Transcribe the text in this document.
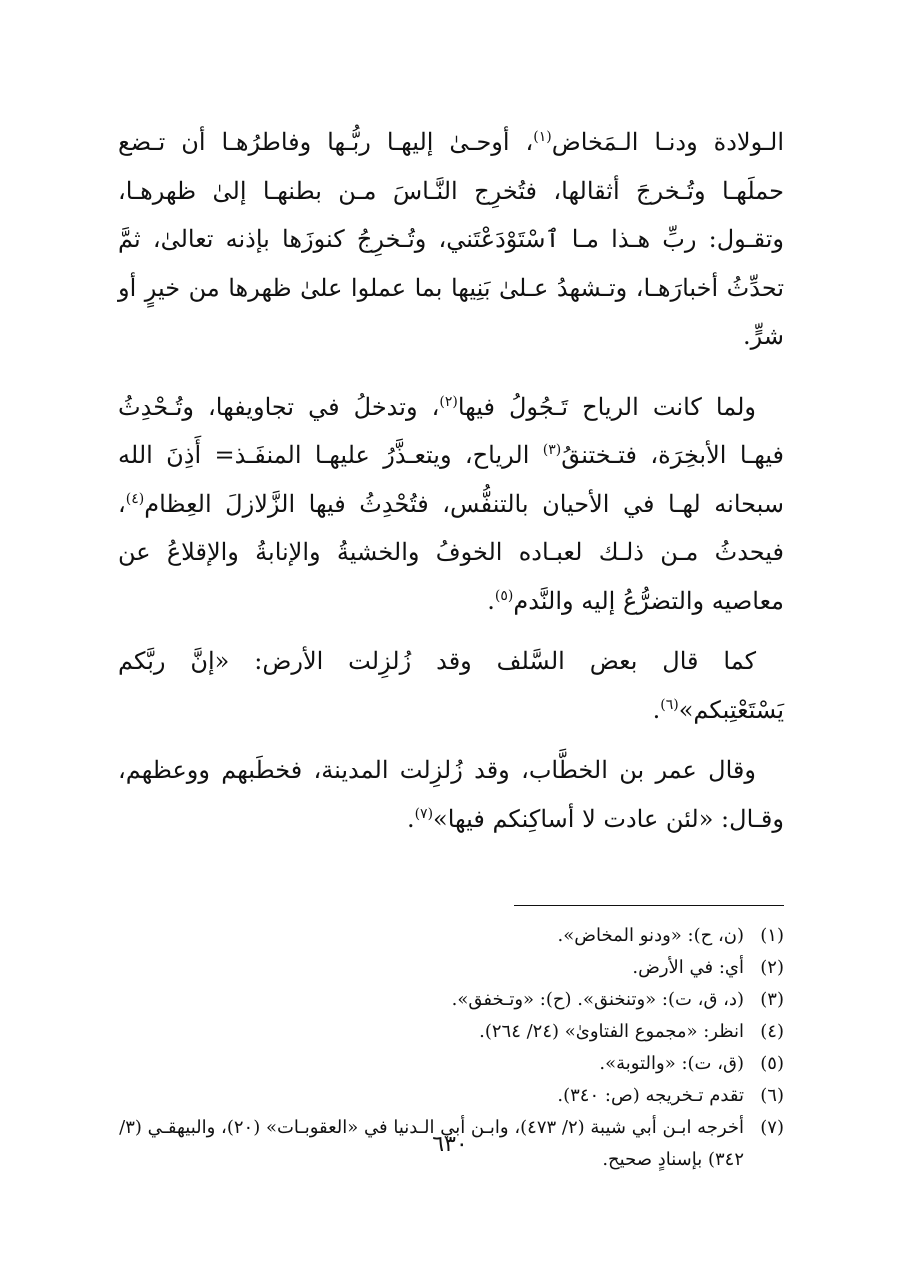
الـولادة ودنـا الـمَخاض$^{(١)}$، أوحـىٰ إليهـا ربُّـها وفاطرُهـا أن تـضع حملَهـا وتُـخرجَ أثقالها، فتُخرِج النَّـاسَ مـن بطنهـا إلىٰ ظهرهـا، وتقـول: ربِّ هـذا مـا ٱسْتَوْدَعْتَني، وتُـخرِجُ كنوزَها بإذنه تعالىٰ، ثمَّ تحدِّثُ أخبارَهـا، وتـشهدُ عـلىٰ بَنِيها بما عملوا علىٰ ظهرها من خيرٍ أو شرٍّ.

ولما كانت الرياح تَـجُولُ فيها$^{(٢)}$، وتدخلُ في تجاويفها، وتُـحْدِثُ فيهـا الأبخِرَة، فتـختنقُ$^{(٣)}$ الرياح، ويتعـذَّرُ عليهـا المنفَـذ= أَذِنَ الله سبحانه لهـا في الأحيان بالتنفُّس، فتُحْدِثُ فيها الزَّلازلَ العِظام$^{(٤)}$، فيحدثُ مـن ذلـك لعبـاده الخوفُ والخشيةُ والإنابةُ والإقلاعُ عن معاصيه والتضرُّعُ إليه والنَّدم$^{(٥)}$.

كما قال بعض السَّلف وقد زُلزِلت الأرض: «إنَّ ربَّكم يَسْتَعْتِبكم»$^{(٦)}$.

وقال عمر بن الخطَّاب، وقد زُلزِلت المدينة، فخطَبهم ووعظهم، وقـال: «لئن عادت لا أساكِنكم فيها»$^{(٧)}$.

(١)
(ن، ح): «ودنو المخاض».
(٢)
أي: في الأرض.
(٣)
(د، ق، ت): «وتنخنق». (ح): «وتـخفق».
(٤)
انظر: «مجموع الفتاوىٰ» (٢٤/ ٢٦٤).
(٥)
(ق، ت): «والتوبة».
(٦)
تقدم تـخريجه (ص: ٣٤٠).
(٧)
أخرجه ابـن أبي شيبة (٢/ ٤٧٣)، وابـن أبي الـدنيا في «العقوبـات» (٢٠)، والبيهقـي (٣/ ٣٤٢) بإسنادٍ صحيح.
٦٣٠
